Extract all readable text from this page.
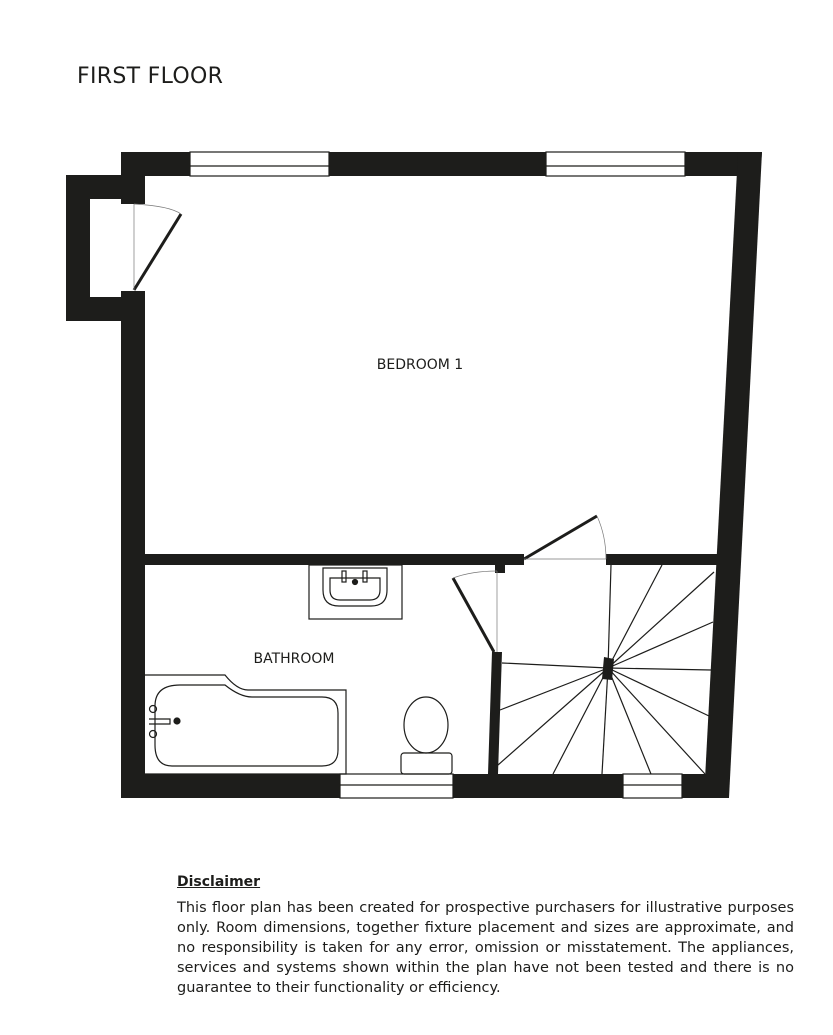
FIRST FLOOR
BEDROOM 1
BATHROOM

Disclaimer

This floor plan has been created for prospective purchasers for illustrative purposes only. Room dimensions, together fixture placement and sizes are approximate, and no responsibility is taken for any error, omission or misstatement. The appliances, services and systems shown within the plan have not been tested and there is no guarantee to their functionality or efficiency.
